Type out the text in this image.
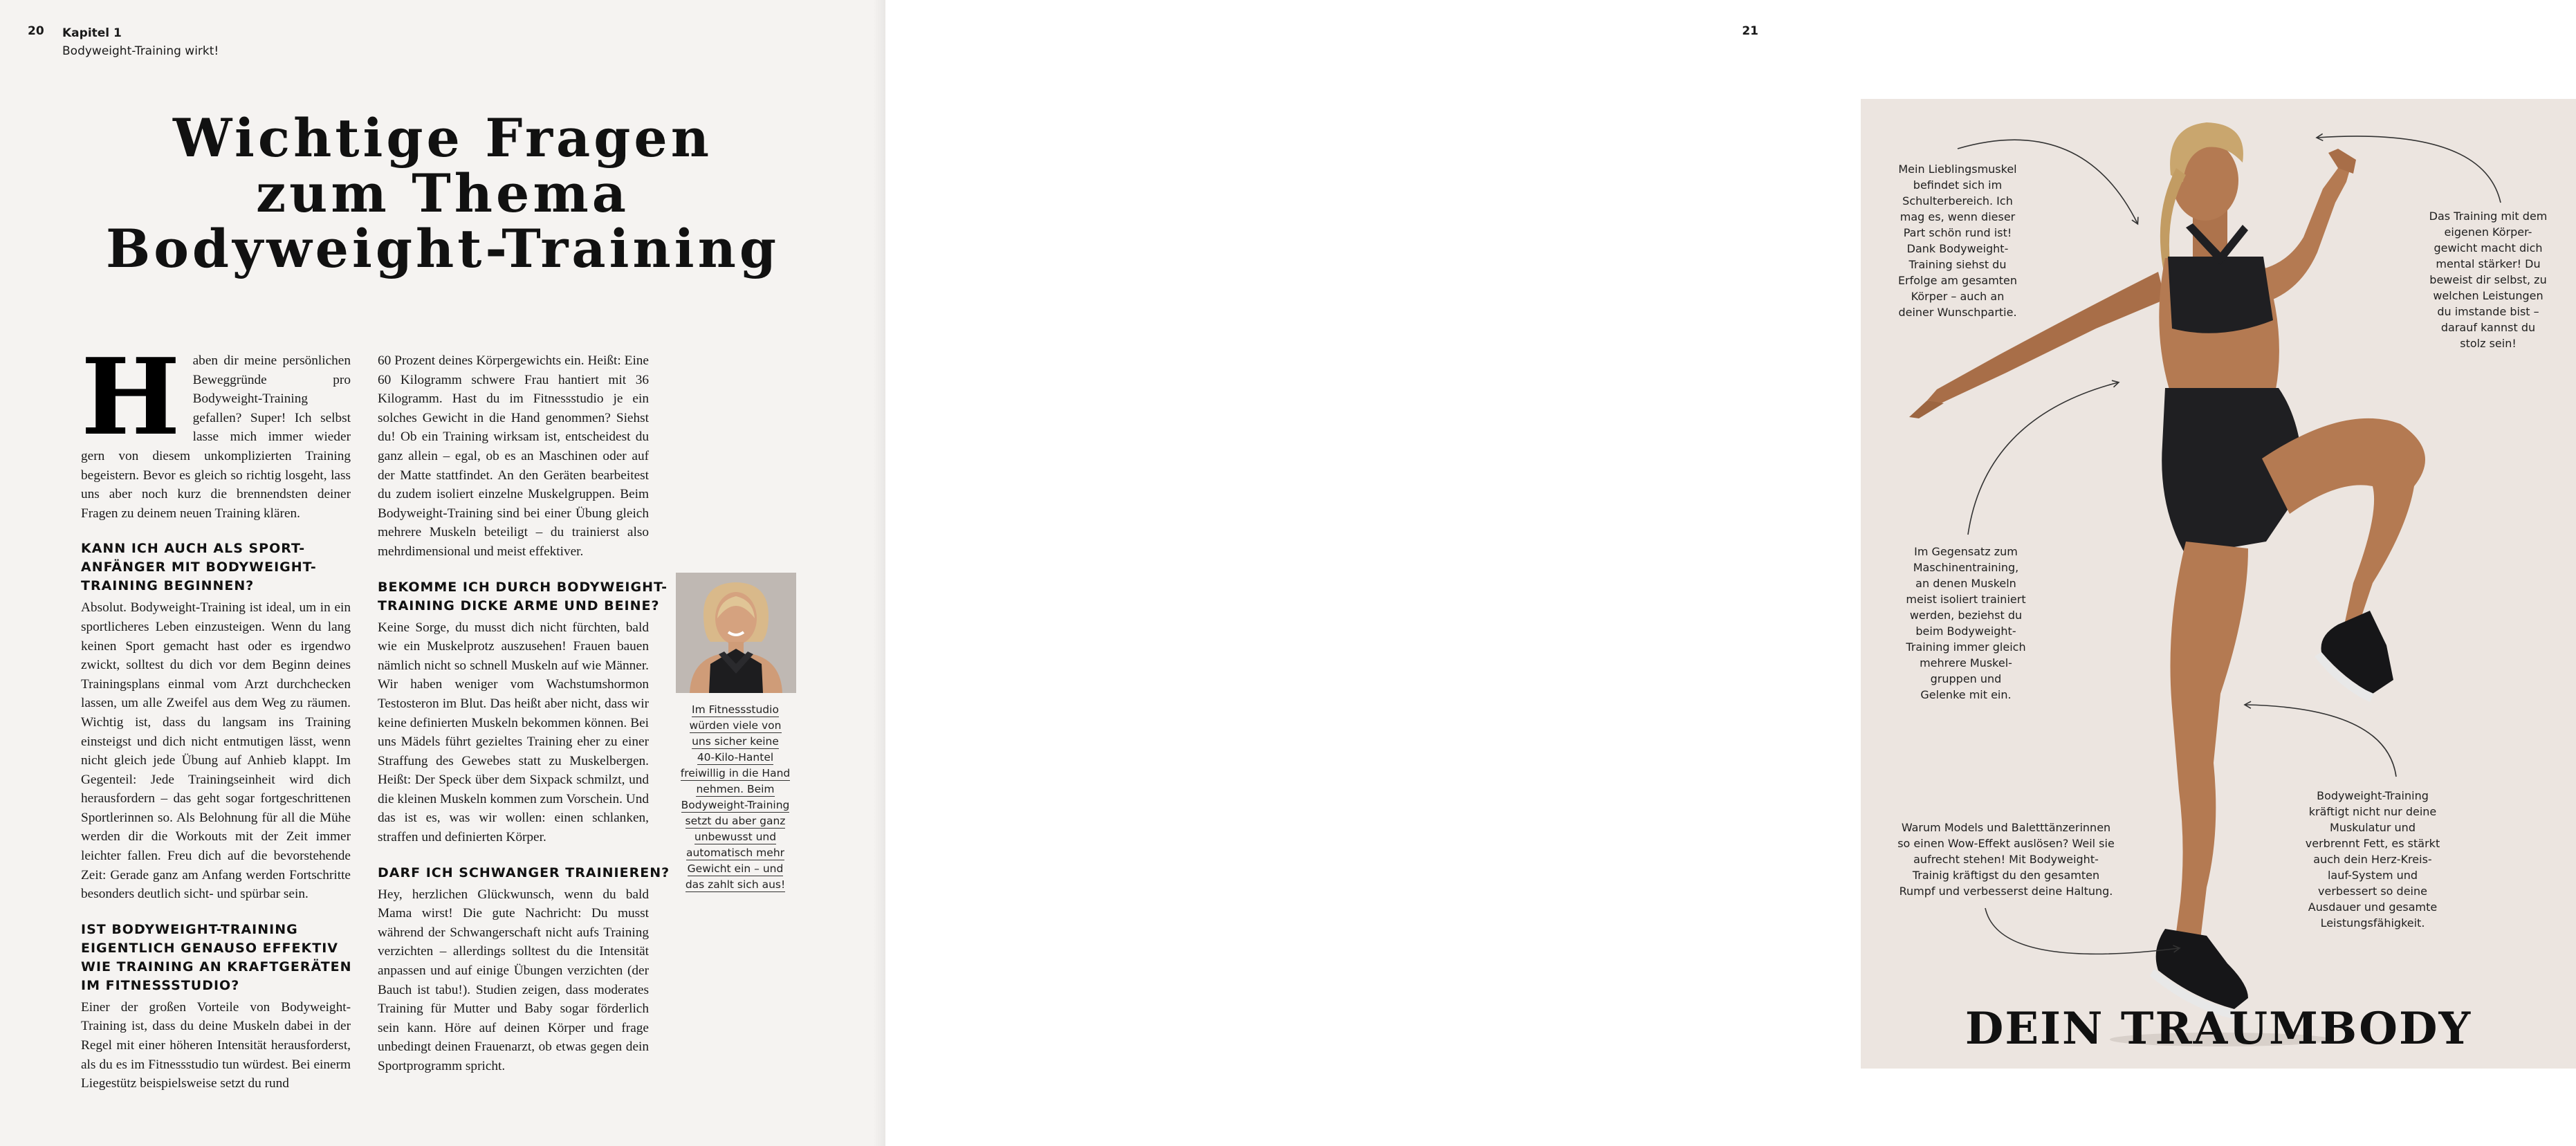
20 Kapitel 1
Bodyweight-Training wirkt!
Wichtige Fragen
zum Thema
Bodyweight-Training

Haben dir meine persönlichen Beweggründe pro Bodyweight-Training gefallen? Super! Ich selbst lasse mich immer wieder gern von diesem unkomplizierten Training begeistern. Bevor es gleich so richtig losgeht, lass uns aber noch kurz die brennendsten deiner Fragen zu deinem neuen Training klären.

KANN ICH AUCH ALS SPORT-
ANFÄNGER MIT BODYWEIGHT-
TRAINING BEGINNEN?

Absolut. Bodyweight-Training ist ideal, um in ein sportlicheres Leben einzusteigen. Wenn du lang keinen Sport gemacht hast oder es irgendwo zwickt, solltest du dich vor dem Beginn deines Trainingsplans einmal vom Arzt durchchecken lassen, um alle Zweifel aus dem Weg zu räumen. Wichtig ist, dass du langsam ins Training einsteigst und dich nicht entmutigen lässt, wenn nicht gleich jede Übung auf Anhieb klappt. Im Gegenteil: Jede Trainingseinheit wird dich herausfordern – das geht sogar fortgeschrittenen Sportlerinnen so. Als Belohnung für all die Mühe werden dir die Workouts mit der Zeit immer leichter fallen. Freu dich auf die bevorstehende Zeit: Gerade ganz am Anfang werden Fortschritte besonders deutlich sicht- und spürbar sein.

IST BODYWEIGHT-TRAINING
EIGENTLICH GENAUSO EFFEKTIV
WIE TRAINING AN KRAFTGERÄTEN
IM FITNESSSTUDIO?

Einer der großen Vorteile von Bodyweight-Training ist, dass du deine Muskeln dabei in der Regel mit einer höheren Intensität herausforderst, als du es im Fitnessstudio tun würdest. Bei einerm Liegestütz beispielsweise setzt du rund

60 Prozent deines Körpergewichts ein. Heißt: Eine 60 Kilogramm schwere Frau hantiert mit 36 Kilogramm. Hast du im Fitnessstudio je ein solches Gewicht in die Hand genommen? Siehst du! Ob ein Training wirksam ist, entscheidest du ganz allein – egal, ob es an Maschinen oder auf der Matte stattfindet. An den Geräten bearbeitest du zudem isoliert einzelne Muskelgruppen. Beim Bodyweight-Training sind bei einer Übung gleich mehrere Muskeln beteiligt – du trainierst also mehrdimensional und meist effektiver.

BEKOMME ICH DURCH BODYWEIGHT-
TRAINING DICKE ARME UND BEINE?

Keine Sorge, du musst dich nicht fürchten, bald wie ein Muskelprotz auszusehen! Frauen bauen nämlich nicht so schnell Muskeln auf wie Männer. Wir haben weniger vom Wachstumshormon Testosteron im Blut. Das heißt aber nicht, dass wir keine definierten Muskeln bekommen können. Bei uns Mädels führt gezieltes Training eher zu einer Straffung des Gewebes statt zu Muskelbergen. Heißt: Der Speck über dem Sixpack schmilzt, und die kleinen Muskeln kommen zum Vorschein. Und das ist es, was wir wollen: einen schlanken, straffen und definierten Körper.

DARF ICH SCHWANGER TRAINIEREN?

Hey, herzlichen Glückwunsch, wenn du bald Mama wirst! Die gute Nachricht: Du musst während der Schwangerschaft nicht aufs Training verzichten – allerdings solltest du die Intensität anpassen und auf einige Übungen verzichten (der Bauch ist tabu!). Studien zeigen, dass moderates Training für Mutter und Baby sogar förderlich sein kann. Höre auf deinen Körper und frage unbedingt deinen Frauenarzt, ob etwas gegen dein Sportprogramm spricht.

Im Fitnessstudio
würden viele von
uns sicher keine
40-Kilo-Hantel
freiwillig in die Hand
nehmen. Beim
Bodyweight-Training
setzt du aber ganz
unbewusst und
automatisch mehr
Gewicht ein – und
das zahlt sich aus!
21
Mein Lieblingsmuskel
befindet sich im
Schulterbereich. Ich
mag es, wenn dieser
Part schön rund ist!
Dank Bodyweight-
Training siehst du
Erfolge am gesamten
Körper – auch an
deiner Wunschpartie.
Das Training mit dem
eigenen Körper-
gewicht macht dich
mental stärker! Du
beweist dir selbst, zu
welchen Leistungen
du imstande bist –
darauf kannst du
stolz sein!
Im Gegensatz zum
Maschinentraining,
an denen Muskeln
meist isoliert trainiert
werden, beziehst du
beim Bodyweight-
Training immer gleich
mehrere Muskel-
gruppen und
Gelenke mit ein.
Warum Models und Baletttänzerinnen
so einen Wow-Effekt auslösen? Weil sie
aufrecht stehen! Mit Bodyweight-
Trainig kräftigst du den gesamten
Rumpf und verbesserst deine Haltung.
Bodyweight-Training
kräftigt nicht nur deine
Muskulatur und
verbrennt Fett, es stärkt
auch dein Herz-Kreis-
lauf-System und
verbessert so deine
Ausdauer und gesamte
Leistungsfähigkeit.
DEIN TRAUMBODY
